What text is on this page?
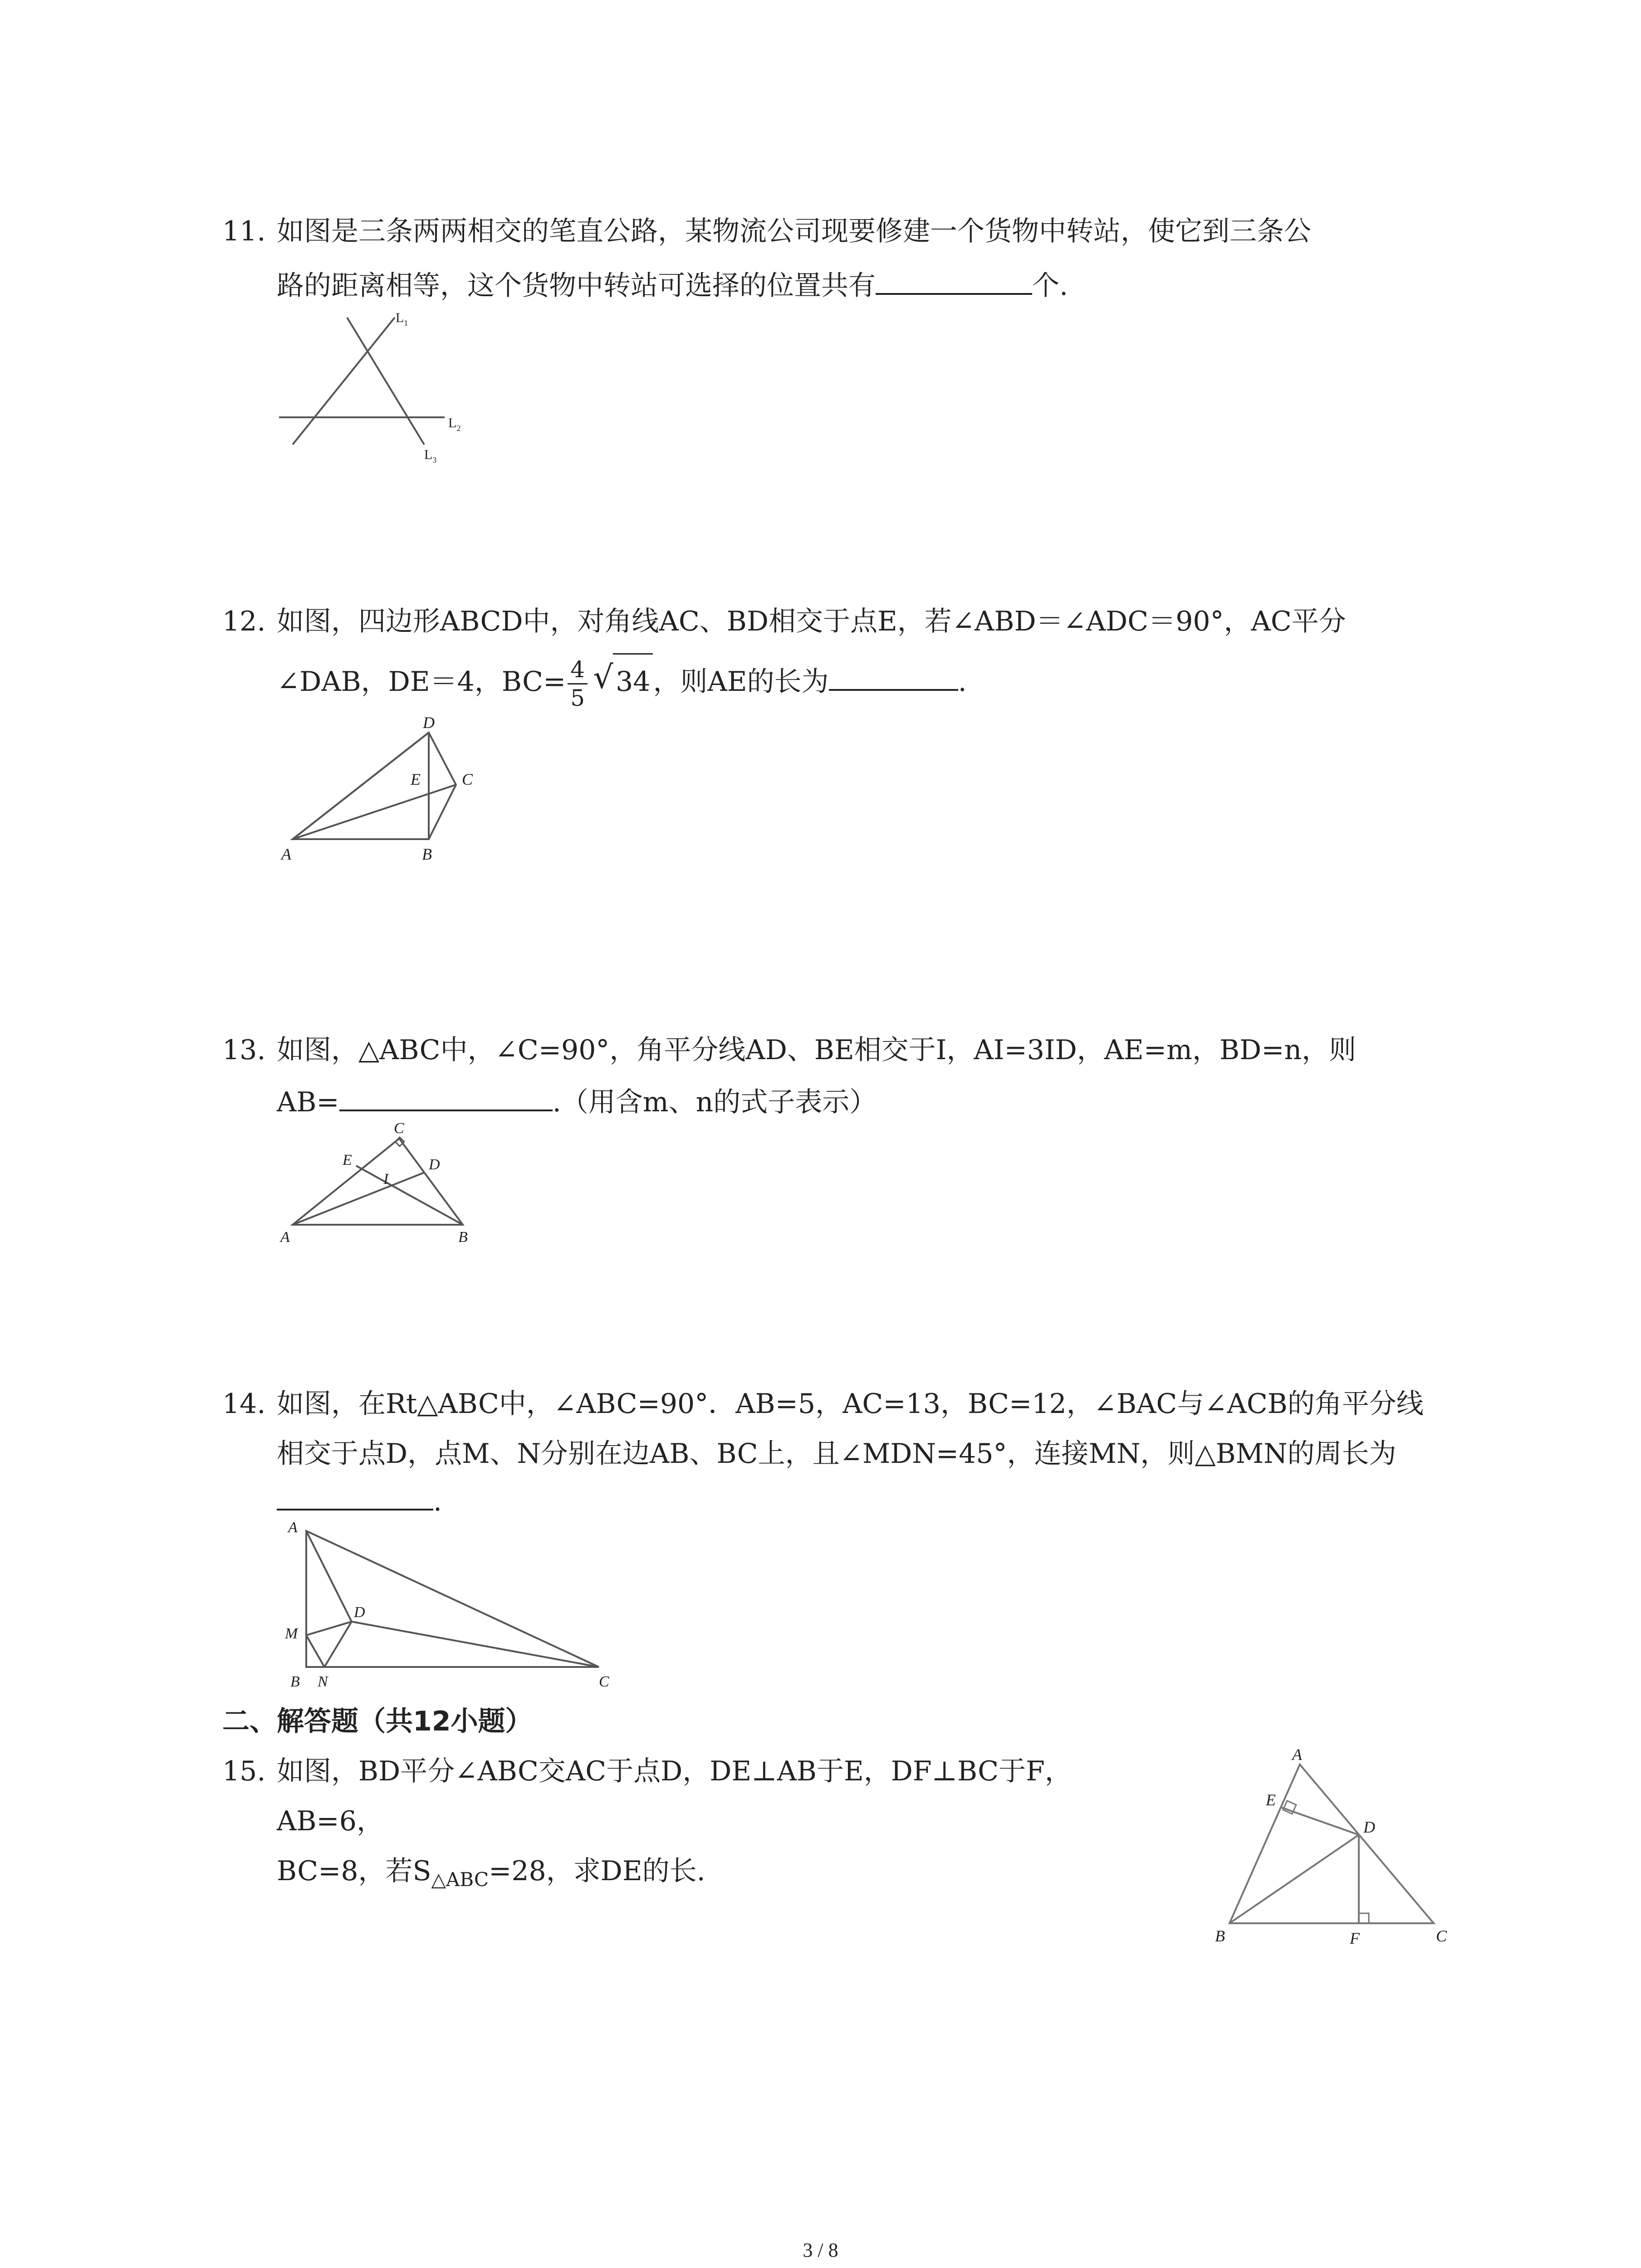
11. 如图是三条两两相交的笔直公路，某物流公司现要修建一个货物中转站，使它到三条公
路的距离相等，这个货物中转站可选择的位置共有	个.
$L_1$
$L_2$
$L_3$
12. 如图，四边形ABCD中，对角线AC、BD相交于点E，若∠ABD＝∠ADC＝90°，AC平分
∠DAB，DE＝4，$BC= \frac{4}{5}$
√ 34 ，则AE的长为	.
A	B
C
D
E
13. 如图，△ABC中，∠C=90°，角平分线AD、BE相交于I，AI=3ID，AE=m，BD=n，则
AB=	.（用含m、n的式子表示）
A	B
C
D
E
I
14. 如图，在Rt△ABC中，∠ABC=90°．AB=5，AC=13，BC=12，∠BAC与∠ACB的角平分线
相交于点D，点M、N分别在边AB、BC上，且∠MDN=45°，连接MN，则△BMN的周长为
.
A
B	C
D
M
N
二、解答题（共12小题）
15. 如图，BD平分∠ABC交AC于点D，DE⊥AB于E，DF⊥BC于F，
AB=6，
BC=8，若$S_{\triangle ABC}=28$，求DE的长.
A
B	C
D
E
F
3 / 8
